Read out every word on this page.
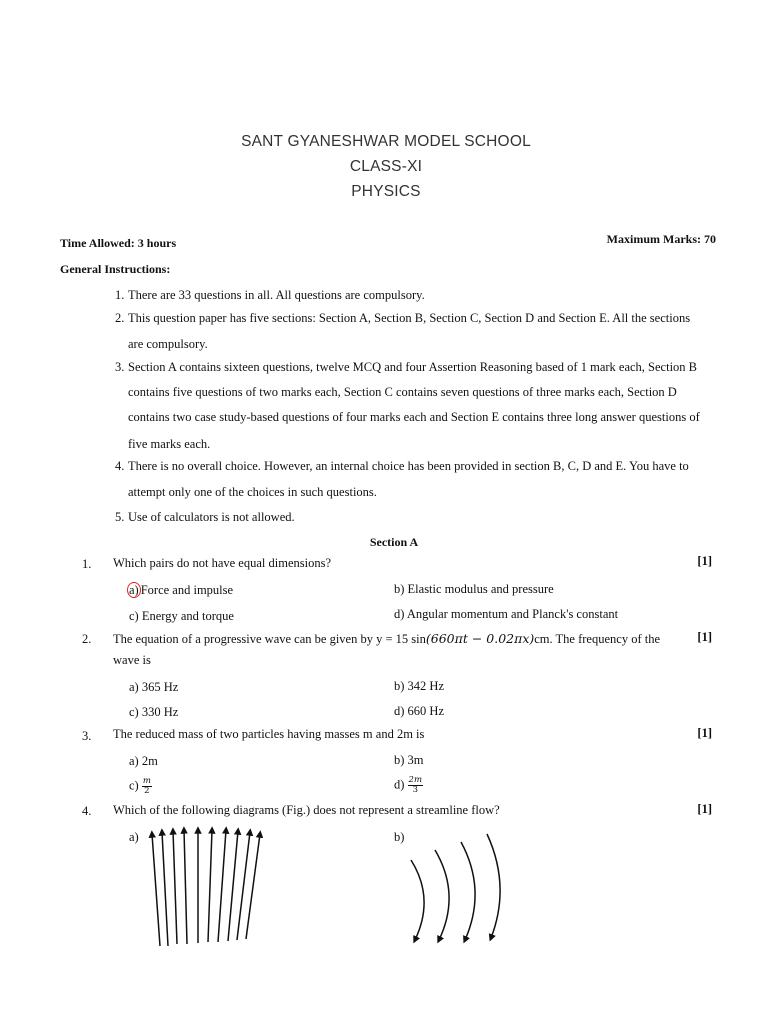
SANT GYANESHWAR MODEL SCHOOL
CLASS-XI
PHYSICS
Time Allowed: 3 hours	Maximum Marks: 70
General Instructions:
1. There are 33 questions in all. All questions are compulsory.
2. This question paper has five sections: Section A, Section B, Section C, Section D and Section E. All the sections
are compulsory.
3. Section A contains sixteen questions, twelve MCQ and four Assertion Reasoning based of 1 mark each, Section B
contains five questions of two marks each, Section C contains seven questions of three marks each, Section D
contains two case study-based questions of four marks each and Section E contains three long answer questions of
five marks each.
4. There is no overall choice. However, an internal choice has been provided in section B, C, D and E. You have to
attempt only one of the choices in such questions.
5. Use of calculators is not allowed.
Section A
1. Which pairs do not have equal dimensions?	[1]
a) Force and impulse	b) Elastic modulus and pressure
c) Energy and torque	d) Angular momentum and Planck's constant
2. The equation of a progressive wave can be given by y = 15 sin(660πt − 0.02πx)cm. The frequency of the
wave is
[1]
a) 365 Hz	b) 342 Hz
c) 330 Hz	d) 660 Hz
3. The reduced mass of two particles having masses m and 2m is	[1]
a) 2m	b) 3m
$c) \frac{m}{2}$	$d) \frac{2m}{3}$
4. Which of the following diagrams (Fig.) does not represent a streamline flow?	[1]
a)	b)
